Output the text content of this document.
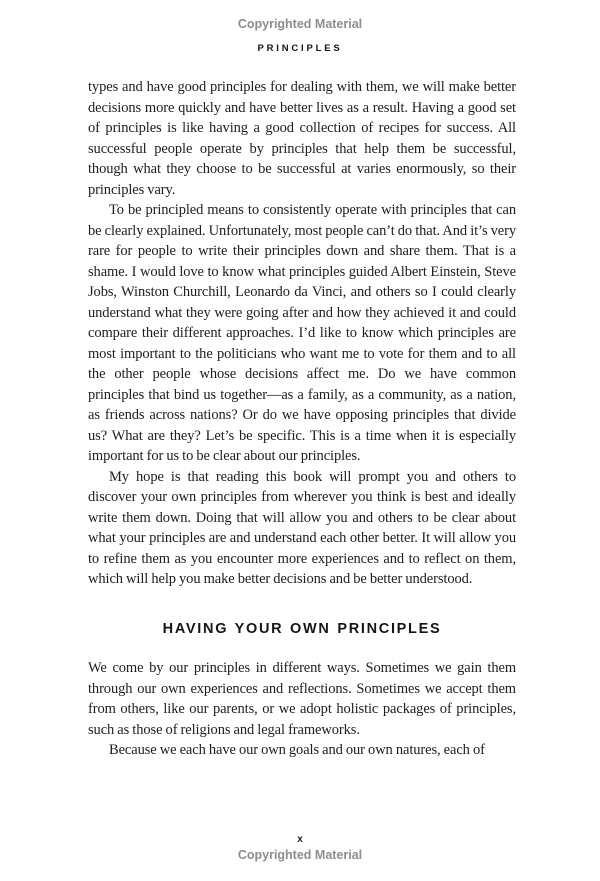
Copyrighted Material
PRINCIPLES

types and have good principles for dealing with them, we will make better decisions more quickly and have better lives as a result. Having a good set of principles is like having a good collection of recipes for success. All successful people operate by principles that help them be successful, though what they choose to be successful at varies enormously, so their principles vary.

To be principled means to consistently operate with principles that can be clearly explained. Unfortunately, most people can’t do that. And it’s very rare for people to write their principles down and share them. That is a shame. I would love to know what principles guided Albert Einstein, Steve Jobs, Winston Churchill, Leonardo da Vinci, and others so I could clearly understand what they were going after and how they achieved it and could compare their different approaches. I’d like to know which principles are most important to the politicians who want me to vote for them and to all the other people whose decisions affect me. Do we have common principles that bind us together—as a family, as a community, as a nation, as friends across nations? Or do we have opposing principles that divide us? What are they? Let’s be specific. This is a time when it is especially important for us to be clear about our principles.

My hope is that reading this book will prompt you and others to discover your own principles from wherever you think is best and ideally write them down. Doing that will allow you and others to be clear about what your principles are and understand each other better. It will allow you to refine them as you encounter more experiences and to reflect on them, which will help you make better decisions and be better understood.

HAVING YOUR OWN PRINCIPLES

We come by our principles in different ways. Sometimes we gain them through our own experiences and reflections. Sometimes we accept them from others, like our parents, or we adopt holistic packages of principles, such as those of religions and legal frameworks.

Because we each have our own goals and our own natures, each of

x
Copyrighted Material
